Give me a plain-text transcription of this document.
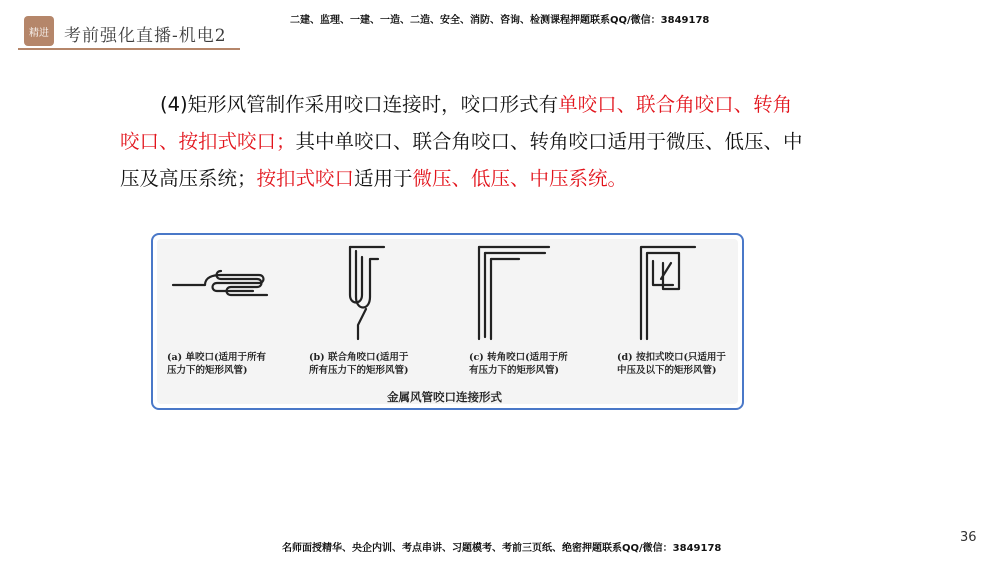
精进 考前强化直播-机电2
二建、监理、一建、一造、二造、安全、消防、咨询、检测课程押题联系QQ/微信：3849178
(4)矩形风管制作采用咬口连接时，咬口形式有单咬口、联合角咬口、转角咬口、按扣式咬口；其中单咬口、联合角咬口、转角咬口适用于微压、低压、中压及高压系统；按扣式咬口适用于微压、低压、中压系统。
(a) 单咬口(适用于所有
压力下的矩形风管)
(b) 联合角咬口(适用于
所有压力下的矩形风管)
(c) 转角咬口(适用于所
有压力下的矩形风管)
(d) 按扣式咬口(只适用于
中压及以下的矩形风管)
金属风管咬口连接形式
名师面授精华、央企内训、考点串讲、习题模考、考前三页纸、绝密押题联系QQ/微信：3849178
36
